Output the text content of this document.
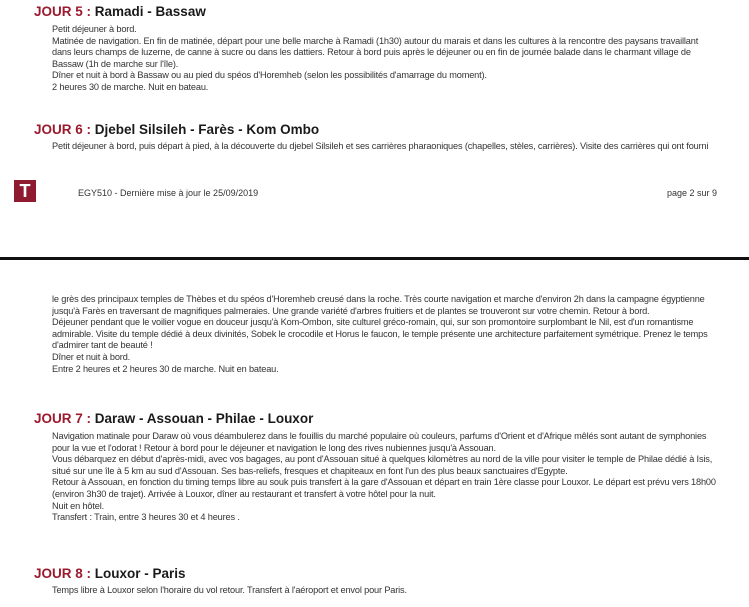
JOUR 5 : Ramadi - Bassaw
Petit déjeuner à bord.
Matinée de navigation. En fin de matinée, départ pour une belle marche à Ramadi (1h30) autour du marais et dans les cultures à la rencontre des paysans travaillant
dans leurs champs de luzerne, de canne à sucre ou dans les dattiers. Retour à bord puis après le déjeuner ou en fin de journée balade dans le charmant village de
Bassaw (1h de marche sur l'île).
Dîner et nuit à bord à Bassaw ou au pied du spéos d'Horemheb (selon les possibilités d'amarrage du moment).
2 heures 30 de marche. Nuit en bateau.
JOUR 6 : Djebel Silsileh - Farès - Kom Ombo
Petit déjeuner à bord, puis départ à pied, à la découverte du djebel Silsileh et ses carrières pharaoniques (chapelles, stèles, carrières). Visite des carrières qui ont fourni
T	EGY510 - Dernière mise à jour le 25/09/2019	page 2 sur 9
le grès des principaux temples de Thèbes et du spéos d'Horemheb creusé dans la roche. Très courte navigation et marche d'environ 2h dans la campagne égyptienne
jusqu'à Farès en traversant de magnifiques palmeraies. Une grande variété d'arbres fruitiers et de plantes se trouveront sur votre chemin. Retour à bord.
Déjeuner pendant que le voilier vogue en douceur jusqu'à Kom-Ombon, site culturel gréco-romain, qui, sur son promontoire surplombant le Nil, est d'un romantisme
admirable. Visite du temple dédié à deux divinités, Sobek le crocodile et Horus le faucon, le temple présente une architecture parfaitement symétrique. Prenez le temps
d'admirer tant de beauté !
Dîner et nuit à bord.
Entre 2 heures et 2 heures 30 de marche. Nuit en bateau.
JOUR 7 : Daraw - Assouan - Philae - Louxor
Navigation matinale pour Daraw où vous déambulerez dans le fouillis du marché populaire où couleurs, parfums d'Orient et d'Afrique mêlés sont autant de symphonies
pour la vue et l'odorat ! Retour à bord pour le déjeuner et navigation le long des rives nubiennes jusqu'à Assouan.
Vous débarquez en début d'après-midi, avec vos bagages, au pont d'Assouan situé à quelques kilomètres au nord de la ville pour visiter le temple de Philae dédié à Isis,
situé sur une île à 5 km au sud d'Assouan. Ses bas-reliefs, fresques et chapiteaux en font l'un des plus beaux sanctuaires d'Egypte.
Retour à Assouan, en fonction du timing temps libre au souk puis transfert à la gare d'Assouan et départ en train 1ère classe pour Louxor. Le départ est prévu vers 18h00
(environ 3h30 de trajet). Arrivée à Louxor, dîner au restaurant et transfert à votre hôtel pour la nuit.
Nuit en hôtel.
Transfert : Train, entre 3 heures 30 et 4 heures .
JOUR 8 : Louxor - Paris
Temps libre à Louxor selon l'horaire du vol retour. Transfert à l'aéroport et envol pour Paris.
